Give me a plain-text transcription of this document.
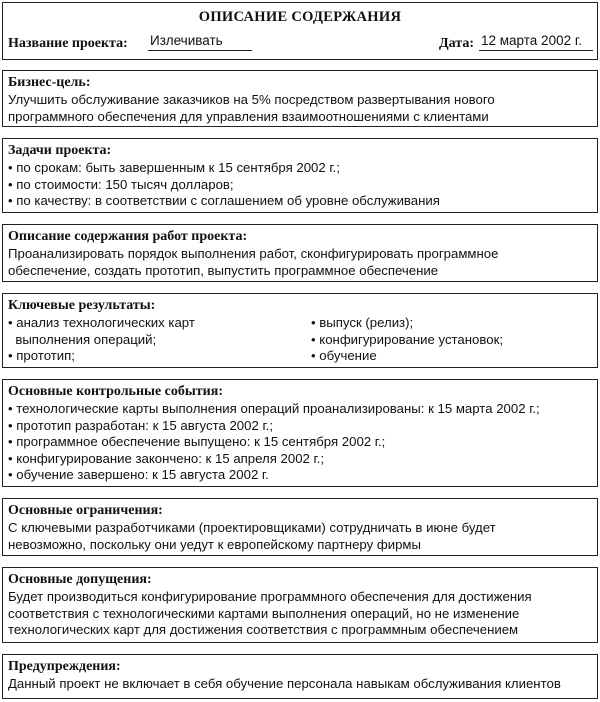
ОПИСАНИЕ СОДЕРЖАНИЯ
Название проекта: Излечивать	Дата: 12 марта 2002 г.
Бизнес-цель:
Улучшить обслуживание заказчиков на 5% посредством развертывания нового
программного обеспечения для управления взаимоотношениями с клиентами
Задачи проекта:
• по срокам: быть завершенным к 15 сентября 2002 г.;
• по стоимости: 150 тысяч долларов;
• по качеству: в соответствии с соглашением об уровне обслуживания
Описание содержания работ проекта:
Проанализировать порядок выполнения работ, сконфигурировать программное
обеспечение, создать прототип, выпустить программное обеспечение
Ключевые результаты:
• анализ технологических карт
выполнения операций;
• прототип;
• выпуск (релиз);
• конфигурирование установок;
• обучение
Основные контрольные события:
• технологические карты выполнения операций проанализированы: к 15 марта 2002 г.;
• прототип разработан: к 15 августа 2002 г.;
• программное обеспечение выпущено: к 15 сентября 2002 г.;
• конфигурирование закончено: к 15 апреля 2002 г.;
• обучение завершено: к 15 августа 2002 г.
Основные ограничения:
С ключевыми разработчиками (проектировщиками) сотрудничать в июне будет
невозможно, поскольку они уедут к европейскому партнеру фирмы
Основные допущения:
Будет производиться конфигурирование программного обеспечения для достижения
соответствия с технологическими картами выполнения операций, но не изменение
технологических карт для достижения соответствия с программным обеспечением
Предупреждения:
Данный проект не включает в себя обучение персонала навыкам обслуживания клиентов
